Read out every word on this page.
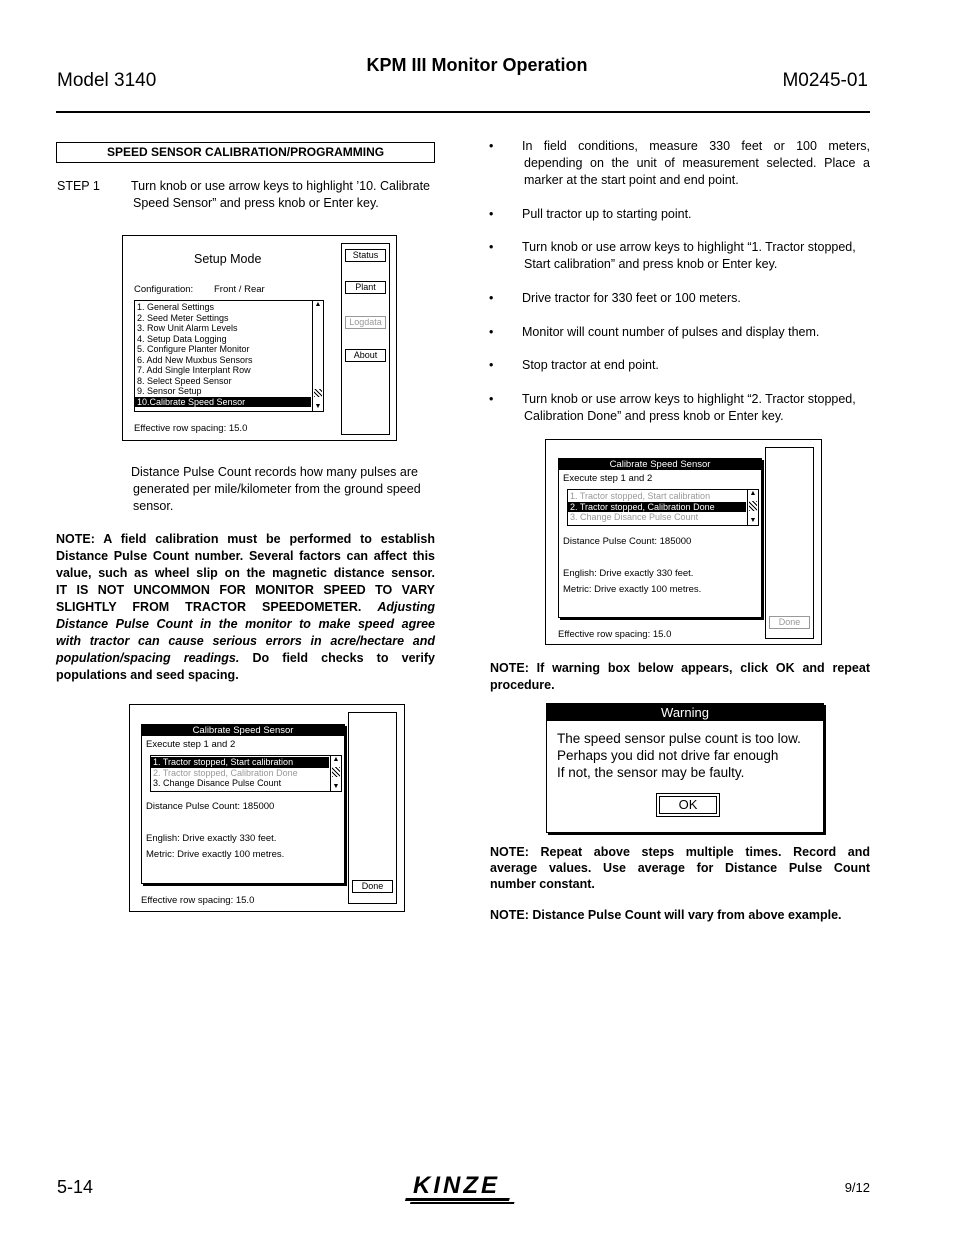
Model 3140
KPM III Monitor Operation
M0245-01
SPEED SENSOR CALIBRATION/PROGRAMMING
STEP 1 Turn knob or use arrow keys to highlight ’10. Calibrate
Speed Sensor” and press knob or Enter key.
Setup Mode
Configuration: Front / Rear
1. General Settings
2. Seed Meter Settings
3. Row Unit Alarm Levels
4. Setup Data Logging
5. Configure Planter Monitor
6. Add New Muxbus Sensors
7. Add Single Interplant Row
8. Select Speed Sensor
9. Sensor Setup
10.Calibrate Speed Sensor
▲
▼
Effective row spacing: 15.0
Status
Plant
Logdata
About
Distance Pulse Count records how many pulses are
generated per mile/kilometer from the ground speed
sensor.
NOTE: A field calibration must be performed to establish
Distance Pulse Count number. Several factors can affect this
value, such as wheel slip on the magnetic distance sensor.
IT IS NOT UNCOMMON FOR MONITOR SPEED TO VARY
SLIGHTLY FROM TRACTOR SPEEDOMETER. Adjusting
Distance Pulse Count in the monitor to make speed agree
with tractor can cause serious errors in acre/hectare and
population/spacing readings. Do field checks to verify
populations and seed spacing.
Calibrate Speed Sensor
Execute step 1 and 2
1. Tractor stopped, Start calibration
2. Tractor stopped, Calibration Done
3. Change Disance Pulse Count
▲
▼
Distance Pulse Count: 185000
English: Drive exactly 330 feet.
Metric: Drive exactly 100 metres.
Done
Effective row spacing: 15.0
• In field conditions, measure 330 feet or 100 meters,
depending on the unit of measurement selected. Place a
marker at the start point and end point.
• Pull tractor up to starting point.
• Turn knob or use arrow keys to highlight “1. Tractor stopped,
Start calibration” and press knob or Enter key.
• Drive tractor for 330 feet or 100 meters.
• Monitor will count number of pulses and display them.
• Stop tractor at end point.
• Turn knob or use arrow keys to highlight “2. Tractor stopped,
Calibration Done” and press knob or Enter key.
Calibrate Speed Sensor
Execute step 1 and 2
1. Tractor stopped, Start calibration
2. Tractor stopped, Calibration Done
3. Change Disance Pulse Count
▲
▼
Distance Pulse Count: 185000
English: Drive exactly 330 feet.
Metric: Drive exactly 100 metres.
Done
Effective row spacing: 15.0
NOTE: If warning box below appears, click OK and repeat
procedure.
Warning
The speed sensor pulse count is too low.
Perhaps you did not drive far enough
If not, the sensor may be faulty.
OK
NOTE: Repeat above steps multiple times. Record and
average values. Use average for Distance Pulse Count
number constant.
NOTE: Distance Pulse Count will vary from above example.
5-14	KINZE	9/12
